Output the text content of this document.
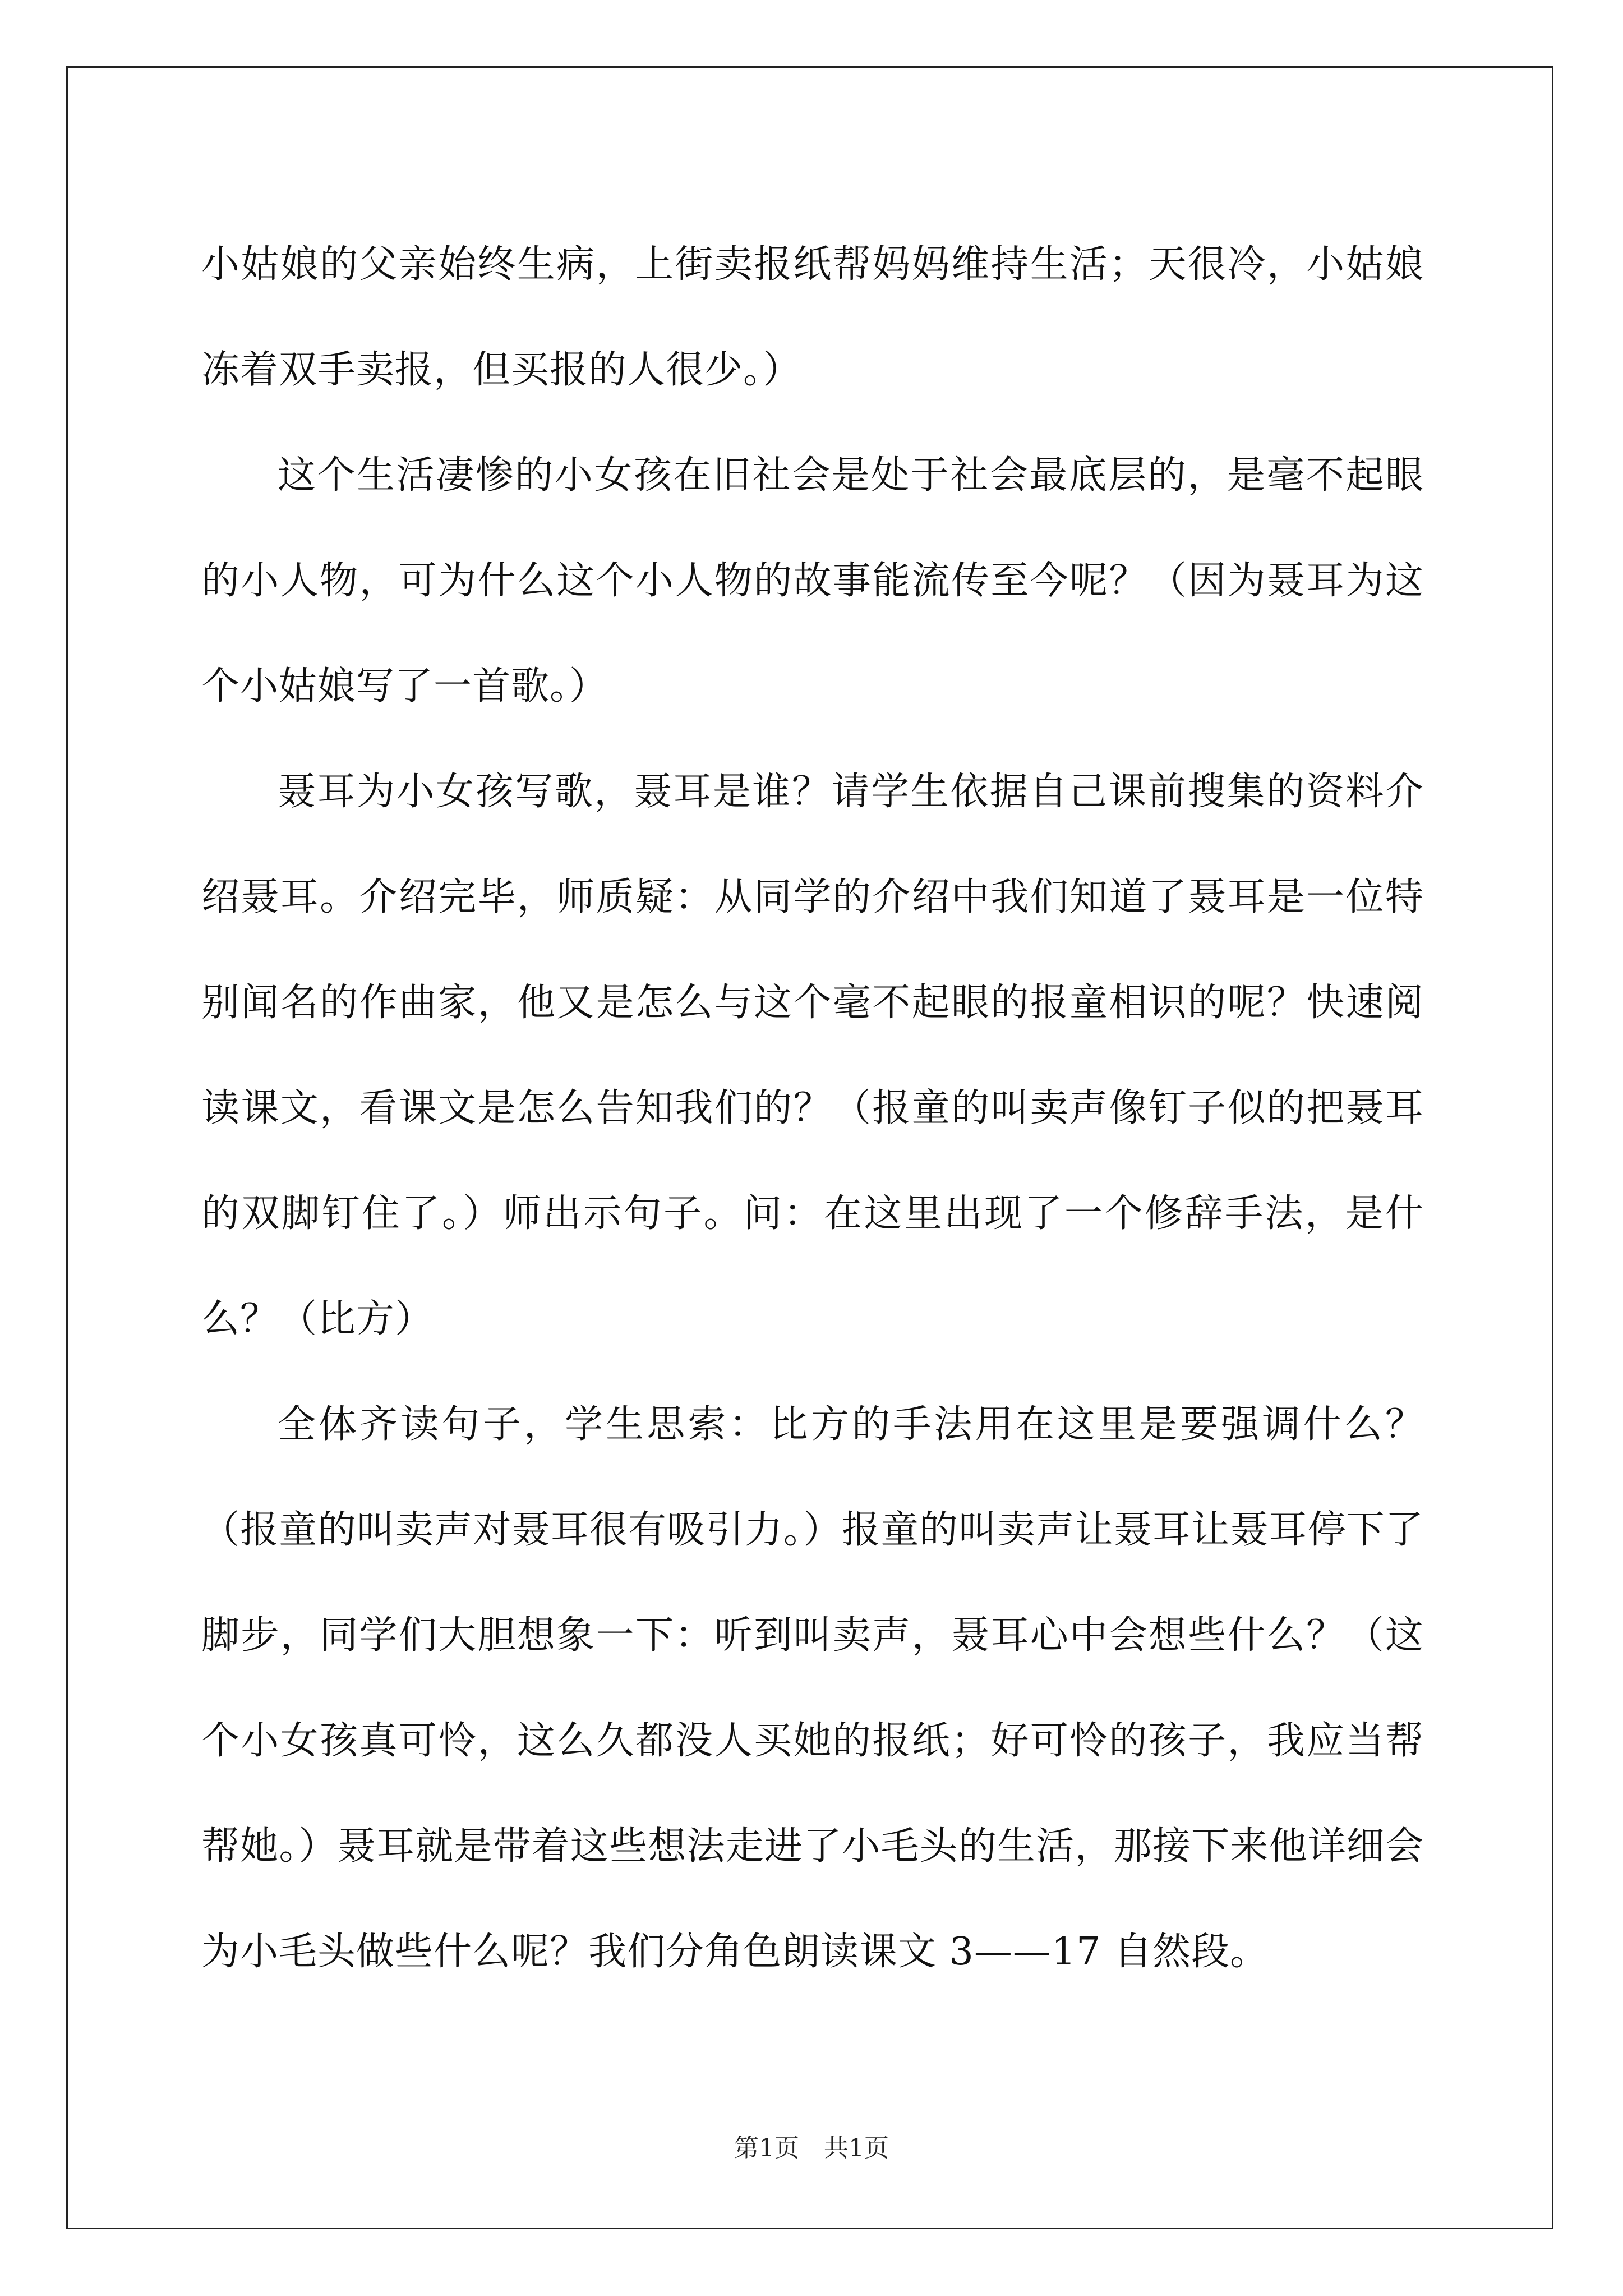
小姑娘的父亲始终生病，上街卖报纸帮妈妈维持生活；天很冷，小姑娘冻着双手卖报，但买报的人很少。）

这个生活凄惨的小女孩在旧社会是处于社会最底层的，是毫不起眼的小人物，可为什么这个小人物的故事能流传至今呢？（因为聂耳为这个小姑娘写了一首歌。）

聂耳为小女孩写歌，聂耳是谁？请学生依据自己课前搜集的资料介绍聂耳。介绍完毕，师质疑：从同学的介绍中我们知道了聂耳是一位特别闻名的作曲家，他又是怎么与这个毫不起眼的报童相识的呢？快速阅读课文，看课文是怎么告知我们的？（报童的叫卖声像钉子似的把聂耳的双脚钉住了。）师出示句子。问：在这里出现了一个修辞手法，是什么？（比方）

全体齐读句子，学生思索：比方的手法用在这里是要强调什么？（报童的叫卖声对聂耳很有吸引力。）报童的叫卖声让聂耳让聂耳停下了脚步，同学们大胆想象一下：听到叫卖声，聂耳心中会想些什么？（这个小女孩真可怜，这么久都没人买她的报纸；好可怜的孩子，我应当帮帮她。）聂耳就是带着这些想法走进了小毛头的生活，那接下来他详细会为小毛头做些什么呢？我们分角色朗读课文 3——17 自然段。

第1页　共1页
